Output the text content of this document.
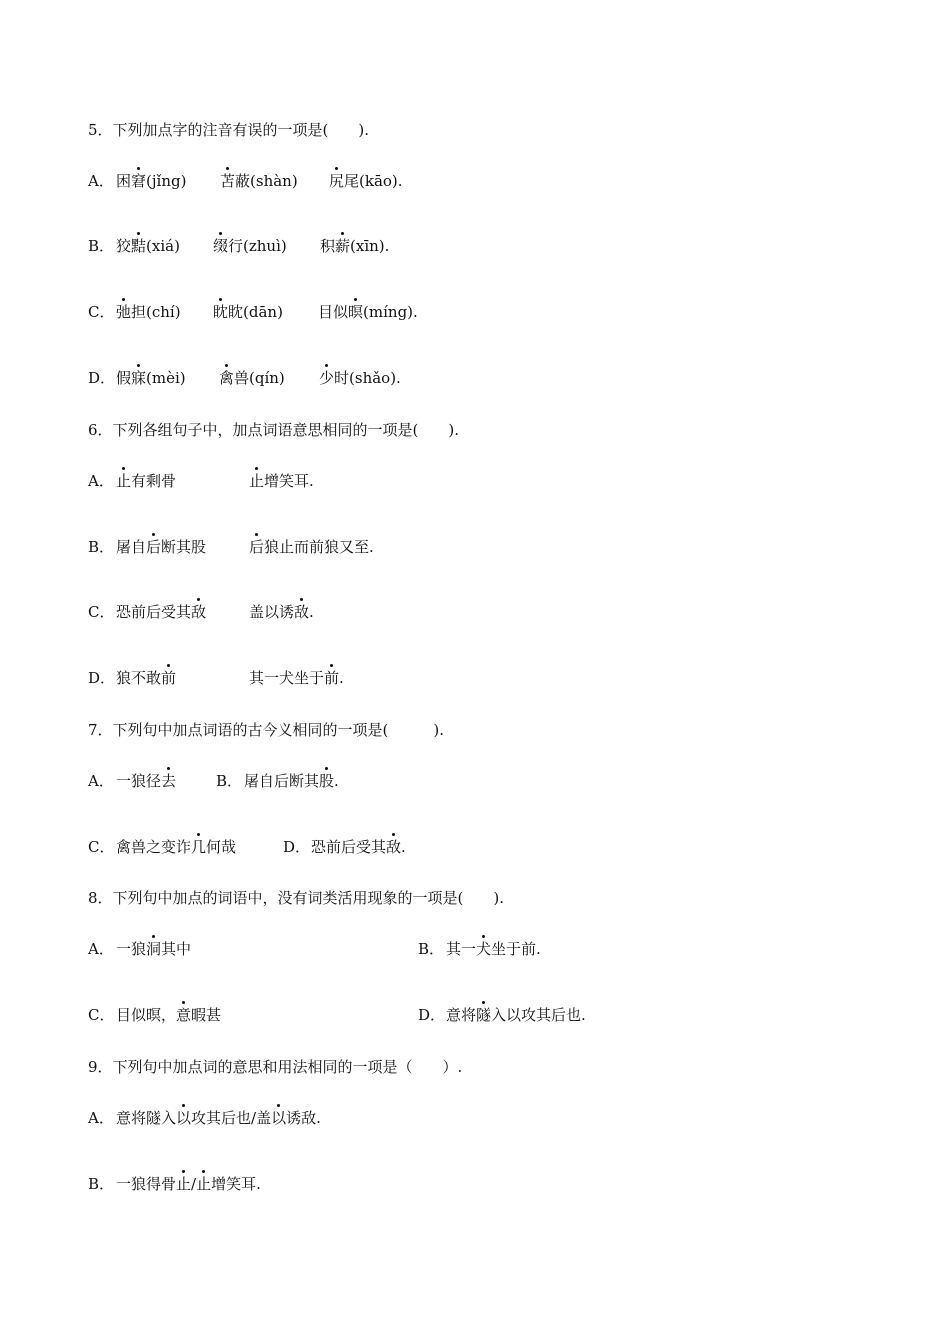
5．下列加点字的注音有误的一项是(　　).
A． 困窘(jǐng) 苫蔽(shàn) 尻尾(kāo).
B． 狡黠(xiá) 缀行(zhuì) 积薪(xīn).
C． 弛担(chí) 眈眈(dān) 目似暝(míng).
D． 假寐(mèi) 禽兽(qín) 少时(shǎo).
6．下列各组句子中，加点词语意思相同的一项是(　　).
A． 止有剩骨	止增笑耳.
B． 屠自后断其股	后狼止而前狼又至.
C． 恐前后受其敌	盖以诱敌.
D． 狼不敢前	其一犬坐于前.
7．下列句中加点词语的古今义相同的一项是(　　　).
A． 一狼径去	B． 屠自后断其股.
C． 禽兽之变诈几何哉	D． 恐前后受其敌.
8．下列句中加点的词语中，没有词类活用现象的一项是(　　).
A． 一狼洞其中	B． 其一犬坐于前.
C． 目似暝，意暇甚	D． 意将隧入以攻其后也.
9．下列句中加点词的意思和用法相同的一项是（　　）.
A． 意将隧入以攻其后也/盖以诱敌.
B． 一狼得骨止/止增笑耳.
